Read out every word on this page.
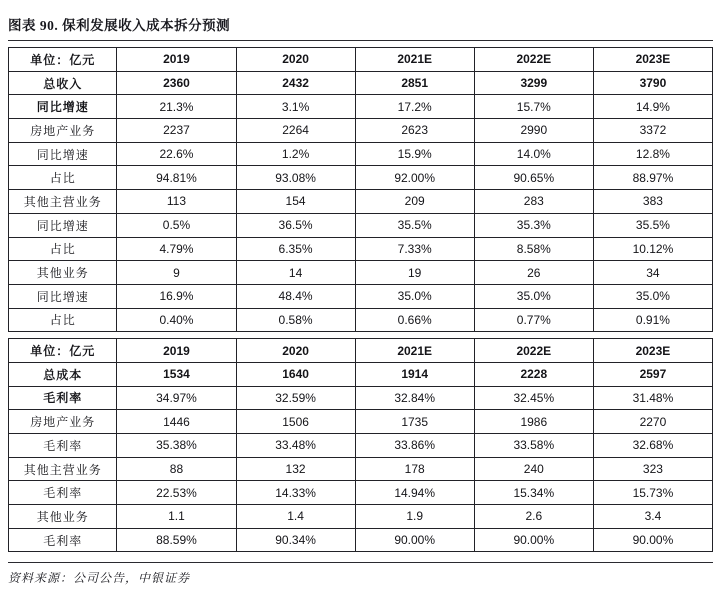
图表 90. 保利发展收入成本拆分预测
单位：亿元	2019	2020	2021E	2022E	2023E
总收入	2360	2432	2851	3299	3790
同比增速	21.3%	3.1%	17.2%	15.7%	14.9%
房地产业务	2237	2264	2623	2990	3372
同比增速	22.6%	1.2%	15.9%	14.0%	12.8%
占比	94.81%	93.08%	92.00%	90.65%	88.97%
其他主营业务	113	154	209	283	383
同比增速	0.5%	36.5%	35.5%	35.3%	35.5%
占比	4.79%	6.35%	7.33%	8.58%	10.12%
其他业务	9	14	19	26	34
同比增速	16.9%	48.4%	35.0%	35.0%	35.0%
占比	0.40%	0.58%	0.66%	0.77%	0.91%
单位：亿元	2019	2020	2021E	2022E	2023E
总成本	1534	1640	1914	2228	2597
毛利率	34.97%	32.59%	32.84%	32.45%	31.48%
房地产业务	1446	1506	1735	1986	2270
毛利率	35.38%	33.48%	33.86%	33.58%	32.68%
其他主营业务	88	132	178	240	323
毛利率	22.53%	14.33%	14.94%	15.34%	15.73%
其他业务	1.1	1.4	1.9	2.6	3.4
毛利率	88.59%	90.34%	90.00%	90.00%	90.00%
资料来源：公司公告，中银证券
